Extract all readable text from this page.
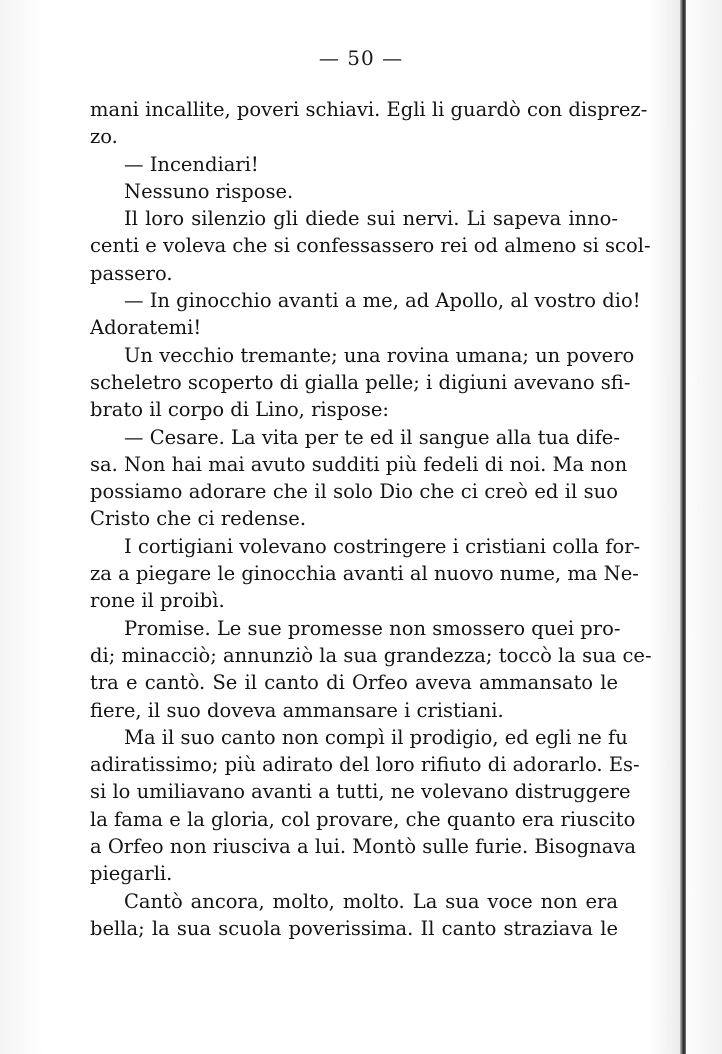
— 50 —
mani incallite, poveri schiavi. Egli li guardò con disprez-
zo.
— Incendiari!
Nessuno rispose.
Il loro silenzio gli diede sui nervi. Li sapeva inno-
centi e voleva che si confessassero rei od almeno si scol-
passero.
— In ginocchio avanti a me, ad Apollo, al vostro dio!
Adoratemi!
Un vecchio tremante; una rovina umana; un povero
scheletro scoperto di gialla pelle; i digiuni avevano sfi-
brato il corpo di Lino, rispose:
— Cesare. La vita per te ed il sangue alla tua dife-
sa. Non hai mai avuto sudditi più fedeli di noi. Ma non
possiamo adorare che il solo Dio che ci creò ed il suo
Cristo che ci redense.
I cortigiani volevano costringere i cristiani colla for-
za a piegare le ginocchia avanti al nuovo nume, ma Ne-
rone il proibì.
Promise. Le sue promesse non smossero quei pro-
di; minacciò; annunziò la sua grandezza; toccò la sua ce-
tra e cantò. Se il canto di Orfeo aveva ammansato le
fiere, il suo doveva ammansare i cristiani.
Ma il suo canto non compì il prodigio, ed egli ne fu
adiratissimo; più adirato del loro rifiuto di adorarlo. Es-
si lo umiliavano avanti a tutti, ne volevano distruggere
la fama e la gloria, col provare, che quanto era riuscito
a Orfeo non riusciva a lui. Montò sulle furie. Bisognava
piegarli.
Cantò ancora, molto, molto. La sua voce non era
bella; la sua scuola poverissima. Il canto straziava le
